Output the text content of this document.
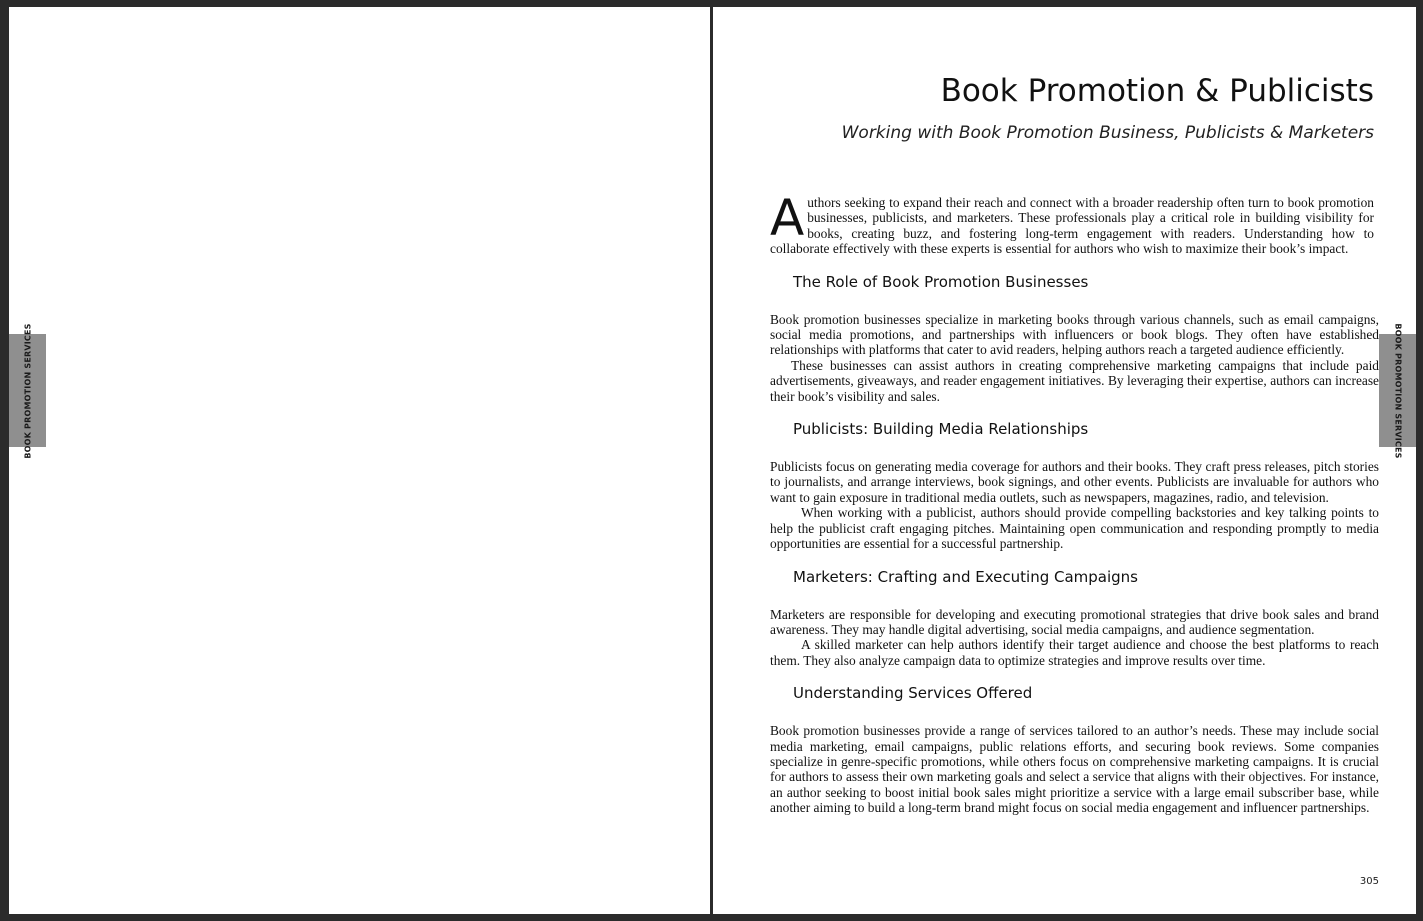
BOOK PROMOTION SERVICES	BOOK PROMOTION SERVICES
Book Promotion & Publicists
Working with Book Promotion Business, Publicists & Marketers

Authors seeking to expand their reach and connect with a broader readership often turn to book promotion businesses, publicists, and marketers. These professionals play a critical role in building visibility for books, creating buzz, and fostering long-term engagement with readers. Understanding how to collaborate effectively with these experts is essential for authors who wish to maximize their book’s impact.

The Role of Book Promotion Businesses

Book promotion businesses specialize in marketing books through various channels, such as email campaigns, social media promotions, and partnerships with influencers or book blogs. They often have established relationships with platforms that cater to avid readers, helping authors reach a targeted audience efficiently.

These businesses can assist authors in creating comprehensive marketing campaigns that include paid advertisements, giveaways, and reader engagement initiatives. By leveraging their expertise, authors can increase their book’s visibility and sales.

Publicists: Building Media Relationships

Publicists focus on generating media coverage for authors and their books. They craft press releases, pitch stories to journalists, and arrange interviews, book signings, and other events. Publicists are invaluable for authors who want to gain exposure in traditional media outlets, such as newspapers, magazines, radio, and television.

When working with a publicist, authors should provide compelling backstories and key talking points to help the publicist craft engaging pitches. Maintaining open communication and responding promptly to media opportunities are essential for a successful partnership.

Marketers: Crafting and Executing Campaigns

Marketers are responsible for developing and executing promotional strategies that drive book sales and brand awareness. They may handle digital advertising, social media campaigns, and audience segmentation.

A skilled marketer can help authors identify their target audience and choose the best platforms to reach them. They also analyze campaign data to optimize strategies and improve results over time.

Understanding Services Offered

Book promotion businesses provide a range of services tailored to an author’s needs. These may include social media marketing, email campaigns, public relations efforts, and securing book reviews. Some companies specialize in genre-specific promotions, while others focus on comprehensive marketing campaigns. It is crucial for authors to assess their own marketing goals and select a service that aligns with their objectives. For instance, an author seeking to boost initial book sales might prioritize a service with a large email subscriber base, while another aiming to build a long-term brand might focus on social media engagement and influencer partnerships.

305
